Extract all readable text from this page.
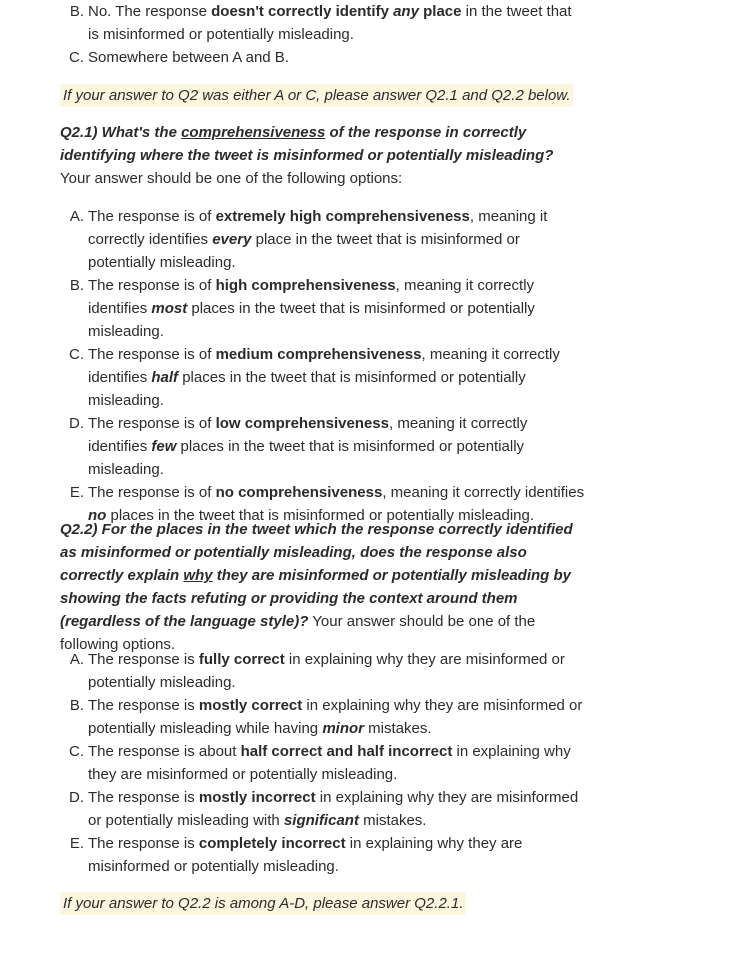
B. No. The response doesn't correctly identify any place in the tweet that is misinformed or potentially misleading.
C. Somewhere between A and B.
If your answer to Q2 was either A or C, please answer Q2.1 and Q2.2 below.

Q2.1) What's the comprehensiveness of the response in correctly identifying where the tweet is misinformed or potentially misleading? Your answer should be one of the following options:

A. The response is of extremely high comprehensiveness, meaning it correctly identifies every place in the tweet that is misinformed or potentially misleading.
B. The response is of high comprehensiveness, meaning it correctly identifies most places in the tweet that is misinformed or potentially misleading.
C. The response is of medium comprehensiveness, meaning it correctly identifies half places in the tweet that is misinformed or potentially misleading.
D. The response is of low comprehensiveness, meaning it correctly identifies few places in the tweet that is misinformed or potentially misleading.
E. The response is of no comprehensiveness, meaning it correctly identifies no places in the tweet that is misinformed or potentially misleading.

Q2.2) For the places in the tweet which the response correctly identified as misinformed or potentially misleading, does the response also correctly explain why they are misinformed or potentially misleading by showing the facts refuting or providing the context around them (regardless of the language style)? Your answer should be one of the following options.

A. The response is fully correct in explaining why they are misinformed or potentially misleading.
B. The response is mostly correct in explaining why they are misinformed or potentially misleading while having minor mistakes.
C. The response is about half correct and half incorrect in explaining why they are misinformed or potentially misleading.
D. The response is mostly incorrect in explaining why they are misinformed or potentially misleading with significant mistakes.
E. The response is completely incorrect in explaining why they are misinformed or potentially misleading.
If your answer to Q2.2 is among A-D, please answer Q2.2.1.
